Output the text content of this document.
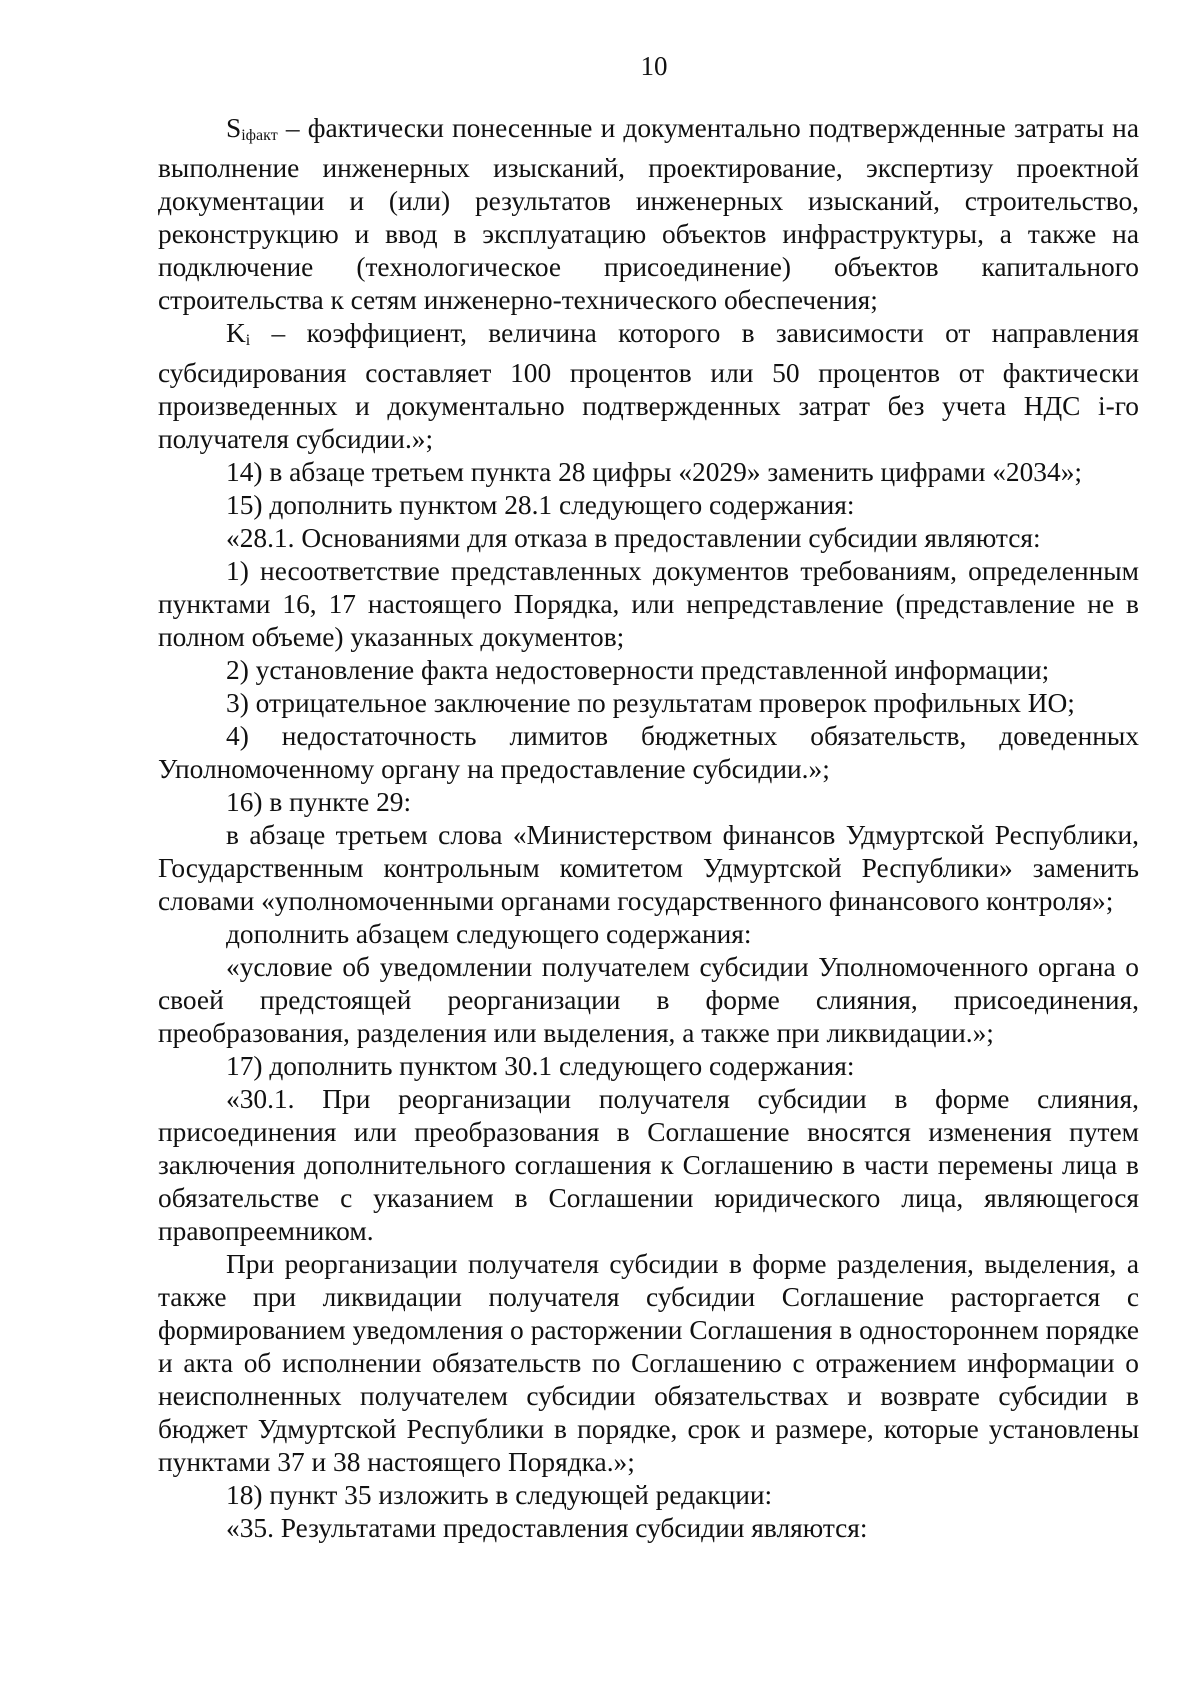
10

Siфакт – фактически понесенные и документально подтвержденные затраты на выполнение инженерных изысканий, проектирование, экспертизу проектной документации и (или) результатов инженерных изысканий, строительство, реконструкцию и ввод в эксплуатацию объектов инфраструктуры, а также на подключение (технологическое присоединение) объектов капитального строительства к сетям инженерно-технического обеспечения;

Ki – коэффициент, величина которого в зависимости от направления субсидирования составляет 100 процентов или 50 процентов от фактически произведенных и документально подтвержденных затрат без учета НДС i-го получателя субсидии.»;

14) в абзаце третьем пункта 28 цифры «2029» заменить цифрами «2034»;

15) дополнить пунктом 28.1 следующего содержания:

«28.1. Основаниями для отказа в предоставлении субсидии являются:

1) несоответствие представленных документов требованиям, определенным пунктами 16, 17 настоящего Порядка, или непредставление (представление не в полном объеме) указанных документов;

2) установление факта недостоверности представленной информации;

3) отрицательное заключение по результатам проверок профильных ИО;

4) недостаточность лимитов бюджетных обязательств, доведенных Уполномоченному органу на предоставление субсидии.»;

16) в пункте 29:

в абзаце третьем слова «Министерством финансов Удмуртской Республики, Государственным контрольным комитетом Удмуртской Республики» заменить словами «уполномоченными органами государственного финансового контроля»;

дополнить абзацем следующего содержания:

«условие об уведомлении получателем субсидии Уполномоченного органа о своей предстоящей реорганизации в форме слияния, присоединения, преобразования, разделения или выделения, а также при ликвидации.»;

17) дополнить пунктом 30.1 следующего содержания:

«30.1. При реорганизации получателя субсидии в форме слияния, присоединения или преобразования в Соглашение вносятся изменения путем заключения дополнительного соглашения к Соглашению в части перемены лица в обязательстве с указанием в Соглашении юридического лица, являющегося правопреемником.

При реорганизации получателя субсидии в форме разделения, выделения, а также при ликвидации получателя субсидии Соглашение расторгается с формированием уведомления о расторжении Соглашения в одностороннем порядке и акта об исполнении обязательств по Соглашению с отражением информации о неисполненных получателем субсидии обязательствах и возврате субсидии в бюджет Удмуртской Республики в порядке, срок и размере, которые установлены пунктами 37 и 38 настоящего Порядка.»;

18) пункт 35 изложить в следующей редакции:

«35. Результатами предоставления субсидии являются:
